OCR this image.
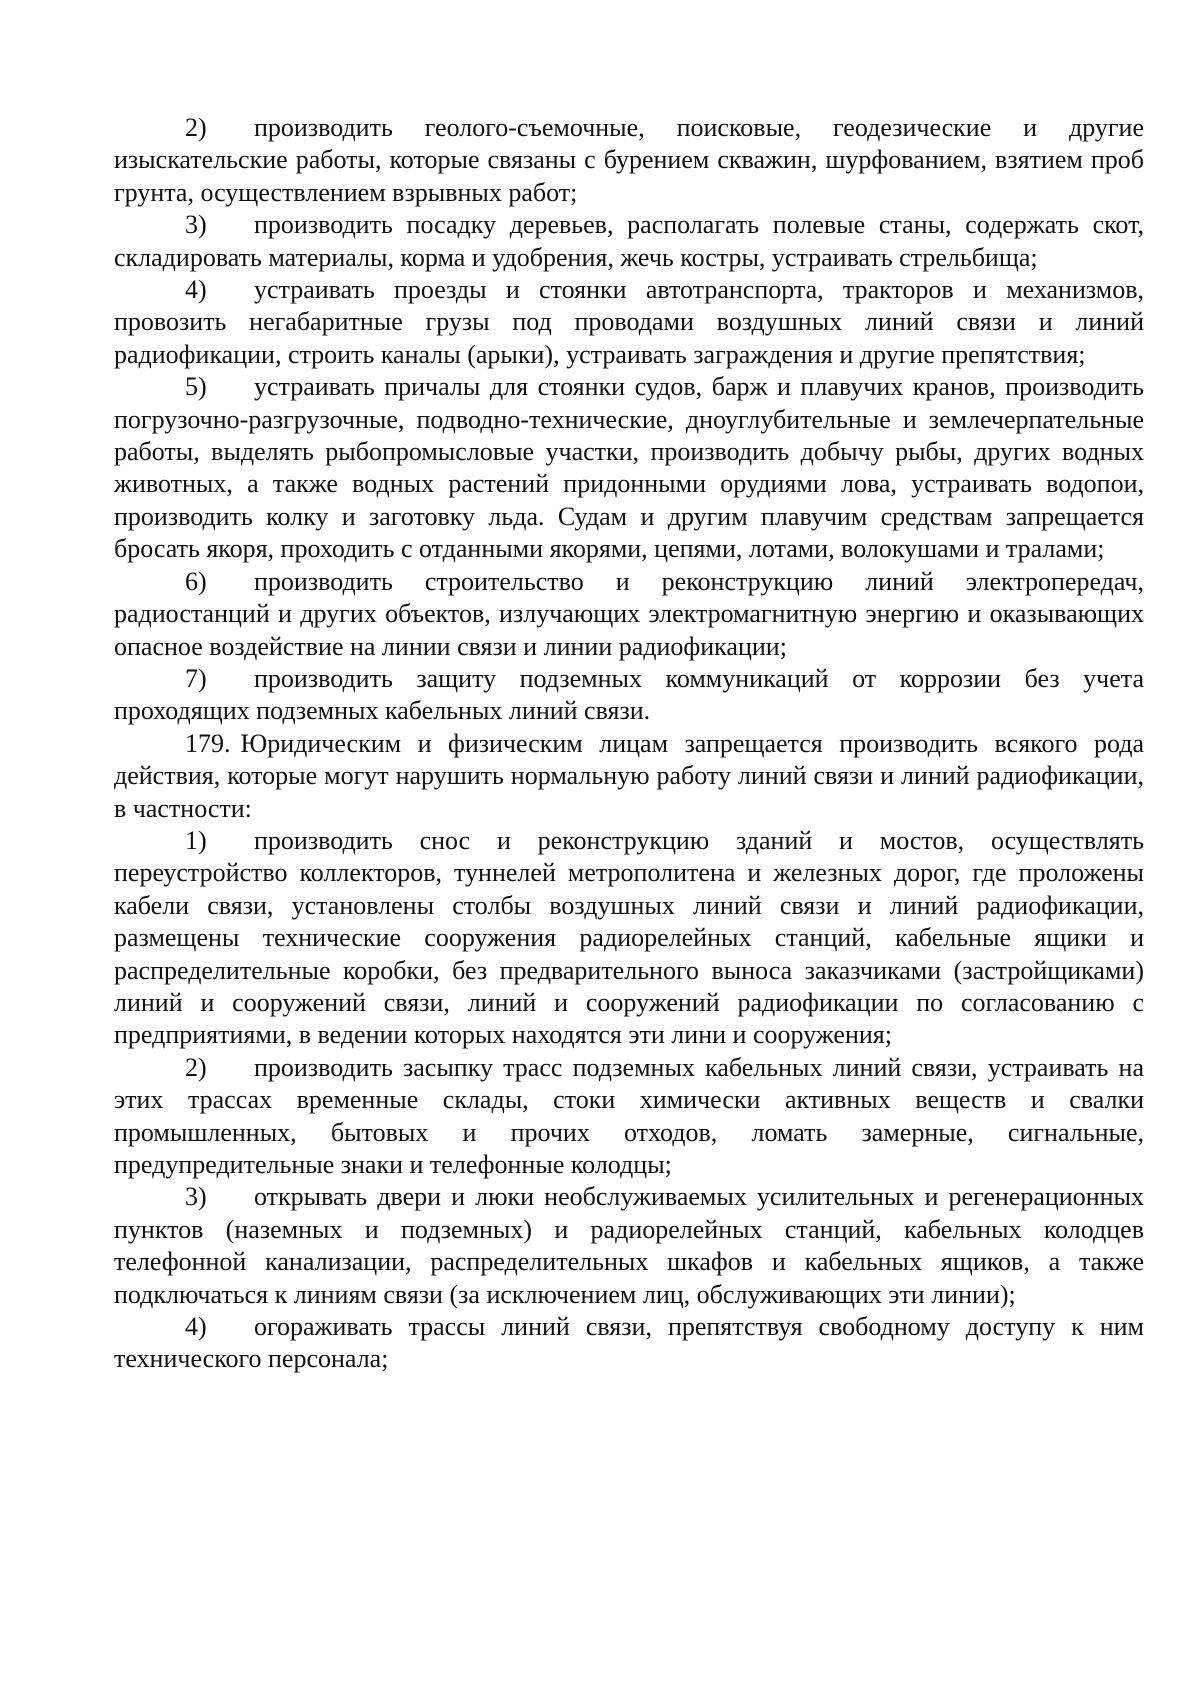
2) производить геолого-съемочные, поисковые, геодезические и другие изыскательские работы, которые связаны с бурением скважин, шурфованием, взятием проб грунта, осуществлением взрывных работ;

3) производить посадку деревьев, располагать полевые станы, содержать скот, складировать материалы, корма и удобрения, жечь костры, устраивать стрельбища;

4) устраивать проезды и стоянки автотранспорта, тракторов и механизмов, провозить негабаритные грузы под проводами воздушных линий связи и линий радиофикации, строить каналы (арыки), устраивать заграждения и другие препятствия;

5) устраивать причалы для стоянки судов, барж и плавучих кранов, производить погрузочно-разгрузочные, подводно-технические, дноуглубительные и землечерпательные работы, выделять рыбопромысловые участки, производить добычу рыбы, других водных животных, а также водных растений придонными орудиями лова, устраивать водопои, производить колку и заготовку льда. Судам и другим плавучим средствам запрещается бросать якоря, проходить с отданными якорями, цепями, лотами, волокушами и тралами;

6) производить строительство и реконструкцию линий электропередач, радиостанций и других объектов, излучающих электромагнитную энергию и оказывающих опасное воздействие на линии связи и линии радиофикации;

7) производить защиту подземных коммуникаций от коррозии без учета проходящих подземных кабельных линий связи.

179. Юридическим и физическим лицам запрещается производить всякого рода действия, которые могут нарушить нормальную работу линий связи и линий радиофикации, в частности:

1) производить снос и реконструкцию зданий и мостов, осуществлять переустройство коллекторов, туннелей метрополитена и железных дорог, где проложены кабели связи, установлены столбы воздушных линий связи и линий радиофикации, размещены технические сооружения радиорелейных станций, кабельные ящики и распределительные коробки, без предварительного выноса заказчиками (застройщиками) линий и сооружений связи, линий и сооружений радиофикации по согласованию с предприятиями, в ведении которых находятся эти лини и сооружения;

2) производить засыпку трасс подземных кабельных линий связи, устраивать на этих трассах временные склады, стоки химически активных веществ и свалки промышленных, бытовых и прочих отходов, ломать замерные, сигнальные, предупредительные знаки и телефонные колодцы;

3) открывать двери и люки необслуживаемых усилительных и регенерационных пунктов (наземных и подземных) и радиорелейных станций, кабельных колодцев телефонной канализации, распределительных шкафов и кабельных ящиков, а также подключаться к линиям связи (за исключением лиц, обслуживающих эти линии);

4) огораживать трассы линий связи, препятствуя свободному доступу к ним технического персонала;
